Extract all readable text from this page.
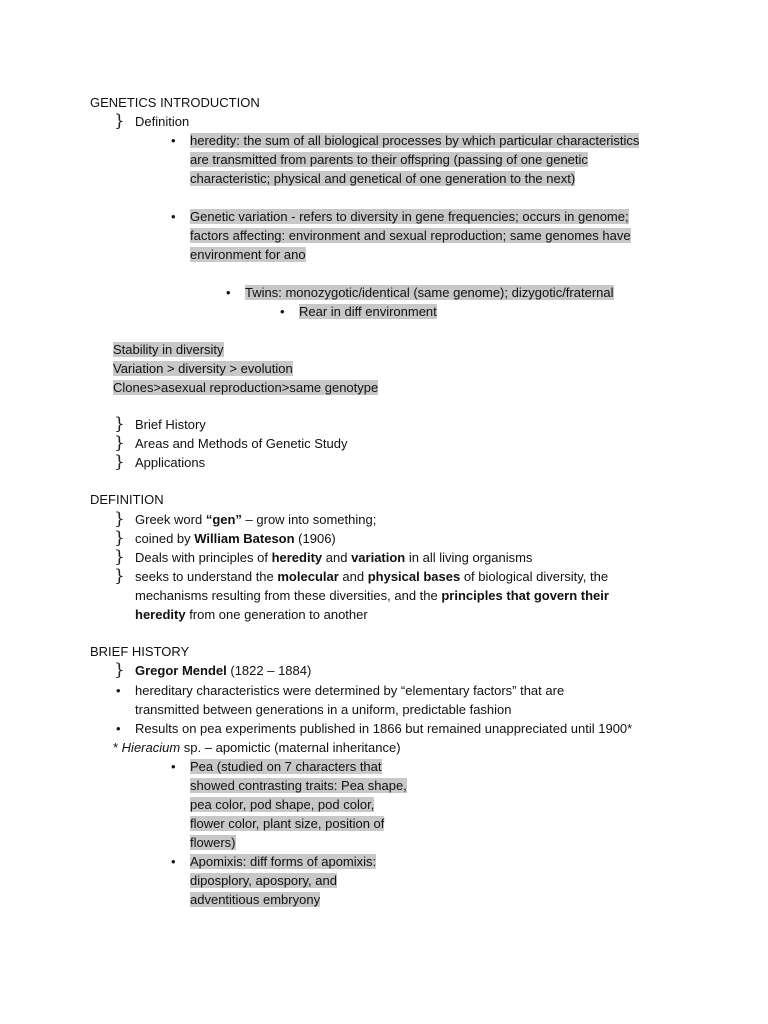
GENETICS INTRODUCTION
} Definition
• heredity: the sum of all biological processes by which particular characteristics
are transmitted from parents to their offspring (passing of one genetic
characteristic; physical and genetical of one generation to the next)
• Genetic variation - refers to diversity in gene frequencies; occurs in genome;
factors affecting: environment and sexual reproduction; same genomes have
environment for ano
• Twins: monozygotic/identical (same genome); dizygotic/fraternal
• Rear in diff environment
Stability in diversity
Variation > diversity > evolution
Clones>asexual reproduction>same genotype
} Brief History
} Areas and Methods of Genetic Study
} Applications
DEFINITION
} Greek word “gen” – grow into something;
} coined by William Bateson (1906)
} Deals with principles of heredity and variation in all living organisms
} seeks to understand the molecular and physical bases of biological diversity, the
mechanisms resulting from these diversities, and the principles that govern their
heredity from one generation to another
BRIEF HISTORY
} Gregor Mendel (1822 – 1884)
• hereditary characteristics were determined by “elementary factors” that are
transmitted between generations in a uniform, predictable fashion
• Results on pea experiments published in 1866 but remained unappreciated until 1900*
* Hieracium sp. – apomictic (maternal inheritance)
• Pea (studied on 7 characters that
showed contrasting traits: Pea shape,
pea color, pod shape, pod color,
flower color, plant size, position of
flowers)
• Apomixis: diff forms of apomixis:
diposplory, apospory, and
adventitious embryony
